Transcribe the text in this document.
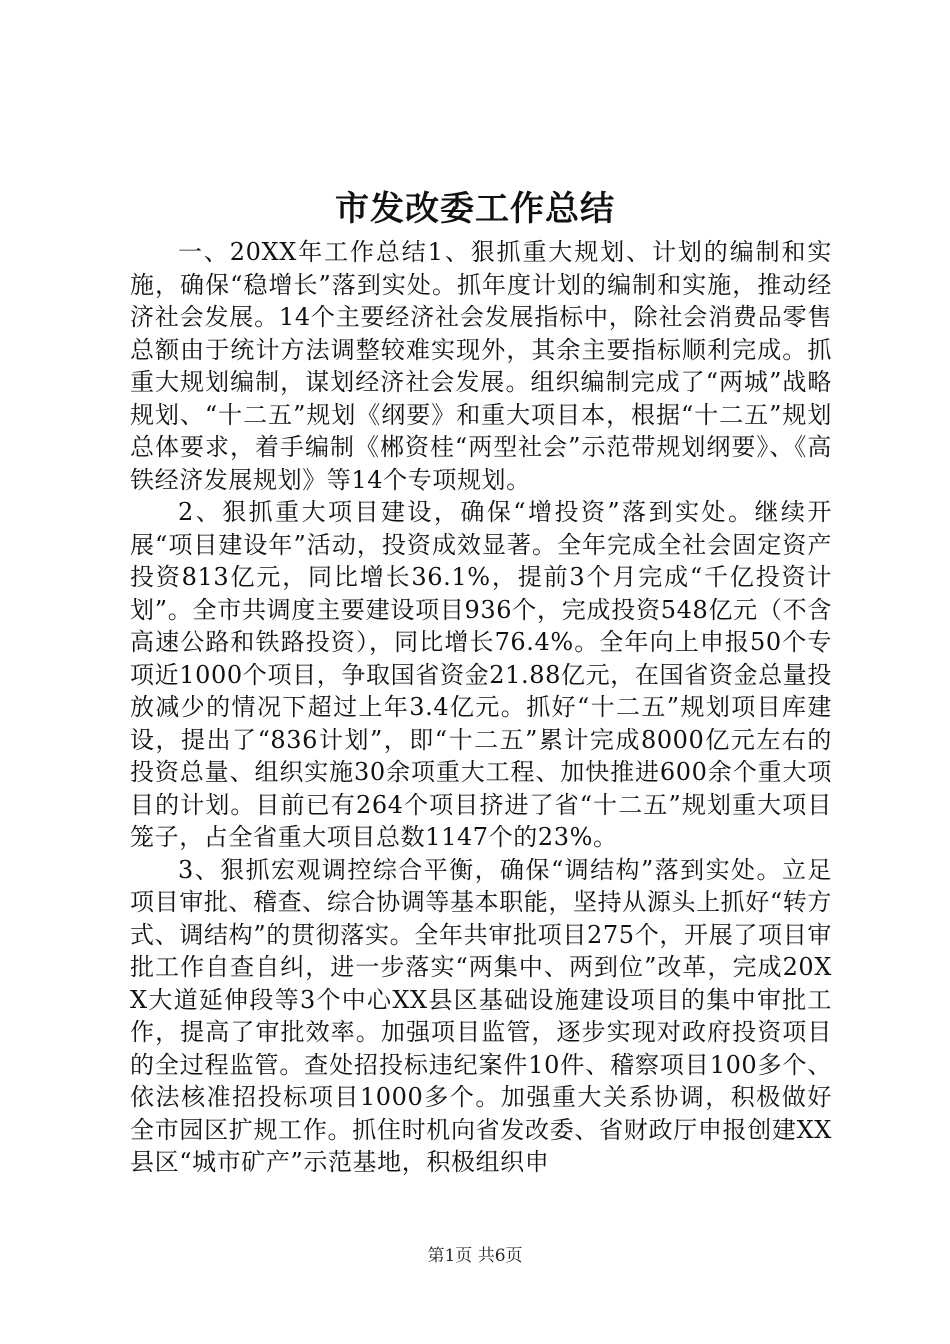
市发改委工作总结

一、20XX年工作总结1、狠抓重大规划、计划的编制和实施，确保“稳增长”落到实处。抓年度计划的编制和实施，推动经济社会发展。14个主要经济社会发展指标中，除社会消费品零售总额由于统计方法调整较难实现外，其余主要指标顺利完成。抓重大规划编制，谋划经济社会发展。组织编制完成了“两城”战略规划、“十二五”规划《纲要》和重大项目本，根据“十二五”规划总体要求，着手编制《郴资桂“两型社会”示范带规划纲要》、《高铁经济发展规划》等14个专项规划。

2、狠抓重大项目建设，确保“增投资”落到实处。继续开展“项目建设年”活动，投资成效显著。全年完成全社会固定资产投资813亿元，同比增长36.1%，提前3个月完成“千亿投资计划”。全市共调度主要建设项目936个，完成投资548亿元（不含高速公路和铁路投资），同比增长76.4%。全年向上申报50个专项近1000个项目，争取国省资金21.88亿元，在国省资金总量投放减少的情况下超过上年3.4亿元。抓好“十二五”规划项目库建设，提出了“836计划”，即“十二五”累计完成8000亿元左右的投资总量、组织实施30余项重大工程、加快推进600余个重大项目的计划。目前已有264个项目挤进了省“十二五”规划重大项目笼子，占全省重大项目总数1147个的23%。

3、狠抓宏观调控综合平衡，确保“调结构”落到实处。立足项目审批、稽查、综合协调等基本职能，坚持从源头上抓好“转方式、调结构”的贯彻落实。全年共审批项目275个，开展了项目审批工作自查自纠，进一步落实“两集中、两到位”改革，完成20XX大道延伸段等3个中心XX县区基础设施建设项目的集中审批工作，提高了审批效率。加强项目监管，逐步实现对政府投资项目的全过程监管。查处招投标违纪案件10件、稽察项目100多个、依法核准招投标项目1000多个。加强重大关系协调，积极做好全市园区扩规工作。抓住时机向省发改委、省财政厅申报创建XX县区“城市矿产”示范基地，积极组织申

第1页 共6页
